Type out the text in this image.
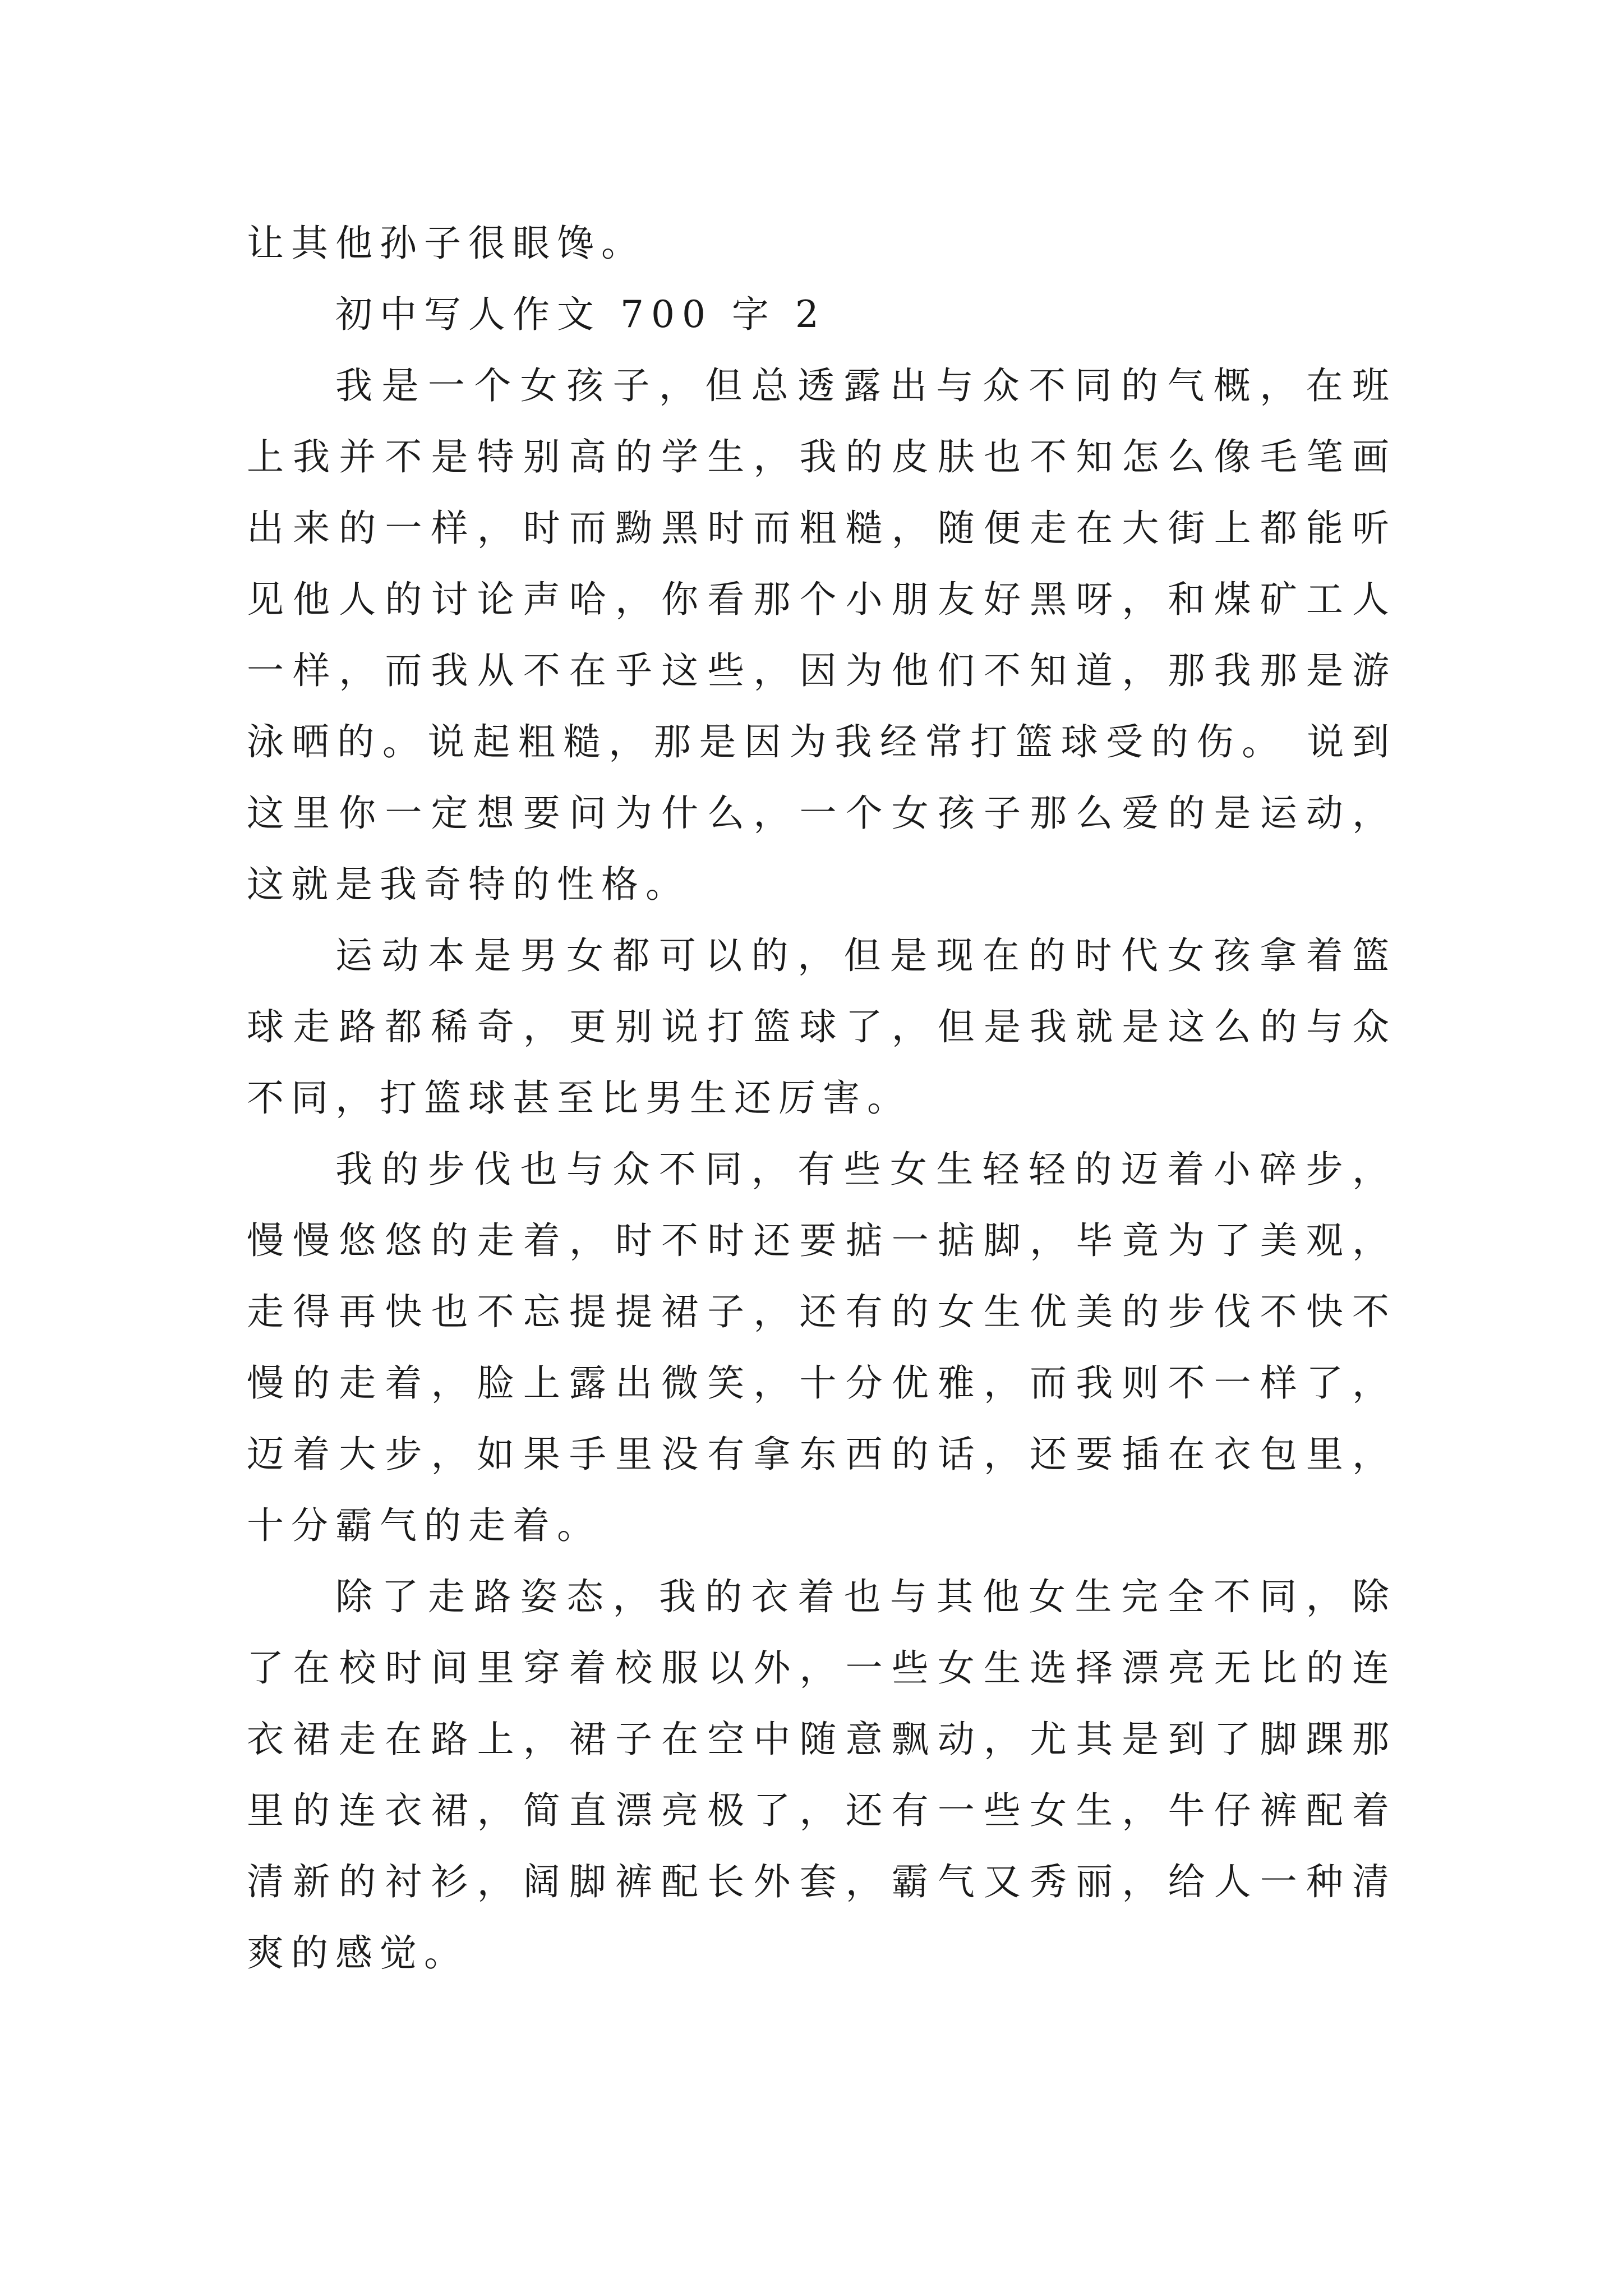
让其他孙子很眼馋。

初中写人作文 700 字 2

我是一个女孩子，但总透露出与众不同的气概，在班上我并不是特别高的学生，我的皮肤也不知怎么像毛笔画出来的一样，时而黝黑时而粗糙，随便走在大街上都能听见他人的讨论声哈，你看那个小朋友好黑呀，和煤矿工人一样，而我从不在乎这些，因为他们不知道，那我那是游泳晒的。说起粗糙，那是因为我经常打篮球受的伤。 说到这里你一定想要问为什么，一个女孩子那么爱的是运动，这就是我奇特的性格。

运动本是男女都可以的，但是现在的时代女孩拿着篮球走路都稀奇，更别说打篮球了，但是我就是这么的与众不同，打篮球甚至比男生还厉害。

我的步伐也与众不同，有些女生轻轻的迈着小碎步，慢慢悠悠的走着，时不时还要掂一掂脚，毕竟为了美观，走得再快也不忘提提裙子，还有的女生优美的步伐不快不慢的走着，脸上露出微笑，十分优雅，而我则不一样了，迈着大步，如果手里没有拿东西的话，还要插在衣包里，十分霸气的走着。

除了走路姿态，我的衣着也与其他女生完全不同，除了在校时间里穿着校服以外，一些女生选择漂亮无比的连衣裙走在路上，裙子在空中随意飘动，尤其是到了脚踝那里的连衣裙，简直漂亮极了，还有一些女生，牛仔裤配着清新的衬衫，阔脚裤配长外套，霸气又秀丽，给人一种清爽的感觉。
